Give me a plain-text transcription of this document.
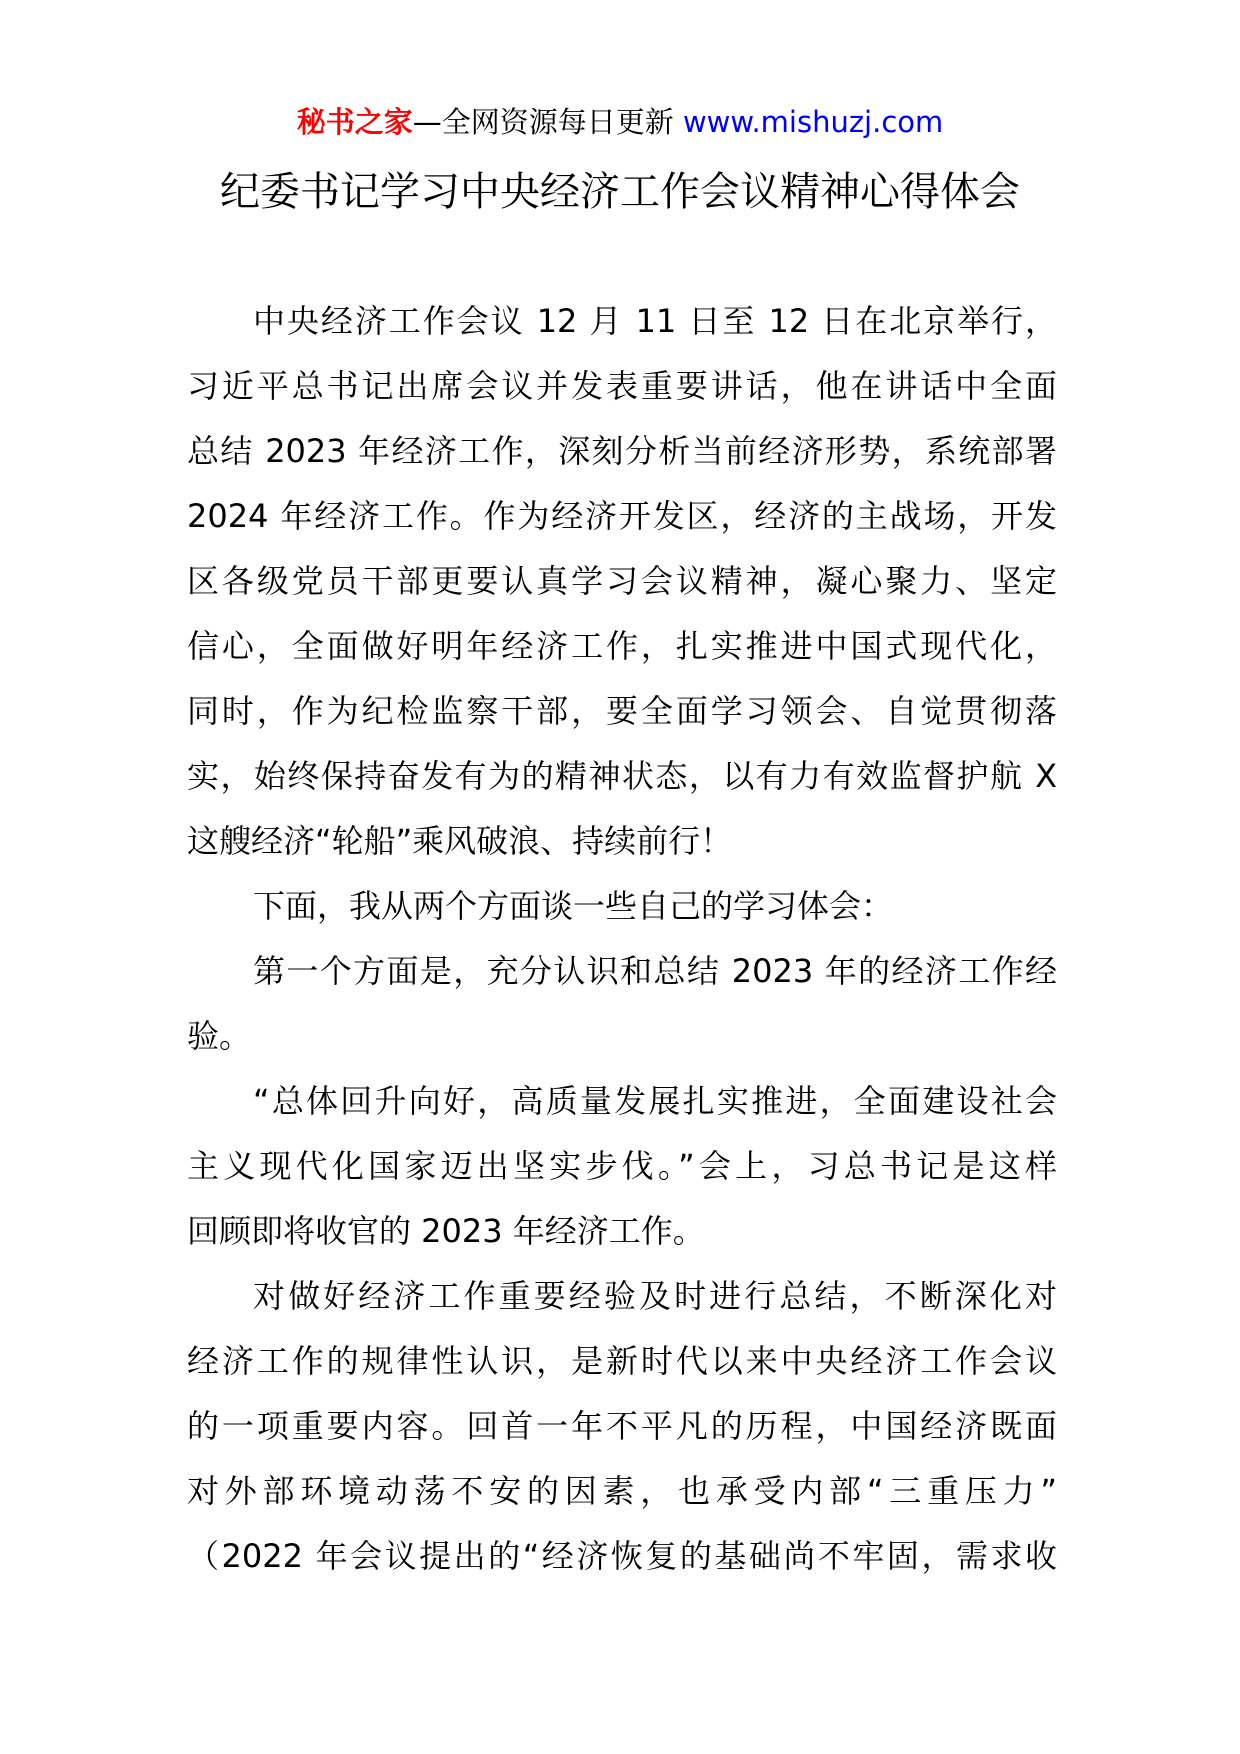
秘书之家—全网资源每日更新 www.mishuzj.com
纪委书记学习中央经济工作会议精神心得体会
中央经济工作会议 12 月 11 日至 12 日在北京举行，
习近平总书记出席会议并发表重要讲话，他在讲话中全面
总结 2023 年经济工作，深刻分析当前经济形势，系统部署
2024 年经济工作。作为经济开发区，经济的主战场，开发
区各级党员干部更要认真学习会议精神，凝心聚力、坚定
信心，全面做好明年经济工作，扎实推进中国式现代化，
同时，作为纪检监察干部，要全面学习领会、自觉贯彻落
实，始终保持奋发有为的精神状态，以有力有效监督护航 X
这艘经济“轮船”乘风破浪、持续前行！
下面，我从两个方面谈一些自己的学习体会：
第一个方面是，充分认识和总结 2023 年的经济工作经
验。
“总体回升向好，高质量发展扎实推进，全面建设社会
主义现代化国家迈出坚实步伐。”会上，习总书记是这样
回顾即将收官的 2023 年经济工作。
对做好经济工作重要经验及时进行总结，不断深化对
经济工作的规律性认识，是新时代以来中央经济工作会议
的一项重要内容。回首一年不平凡的历程，中国经济既面
对外部环境动荡不安的因素，也承受内部“三重压力”
（2022 年会议提出的“经济恢复的基础尚不牢固，需求收
